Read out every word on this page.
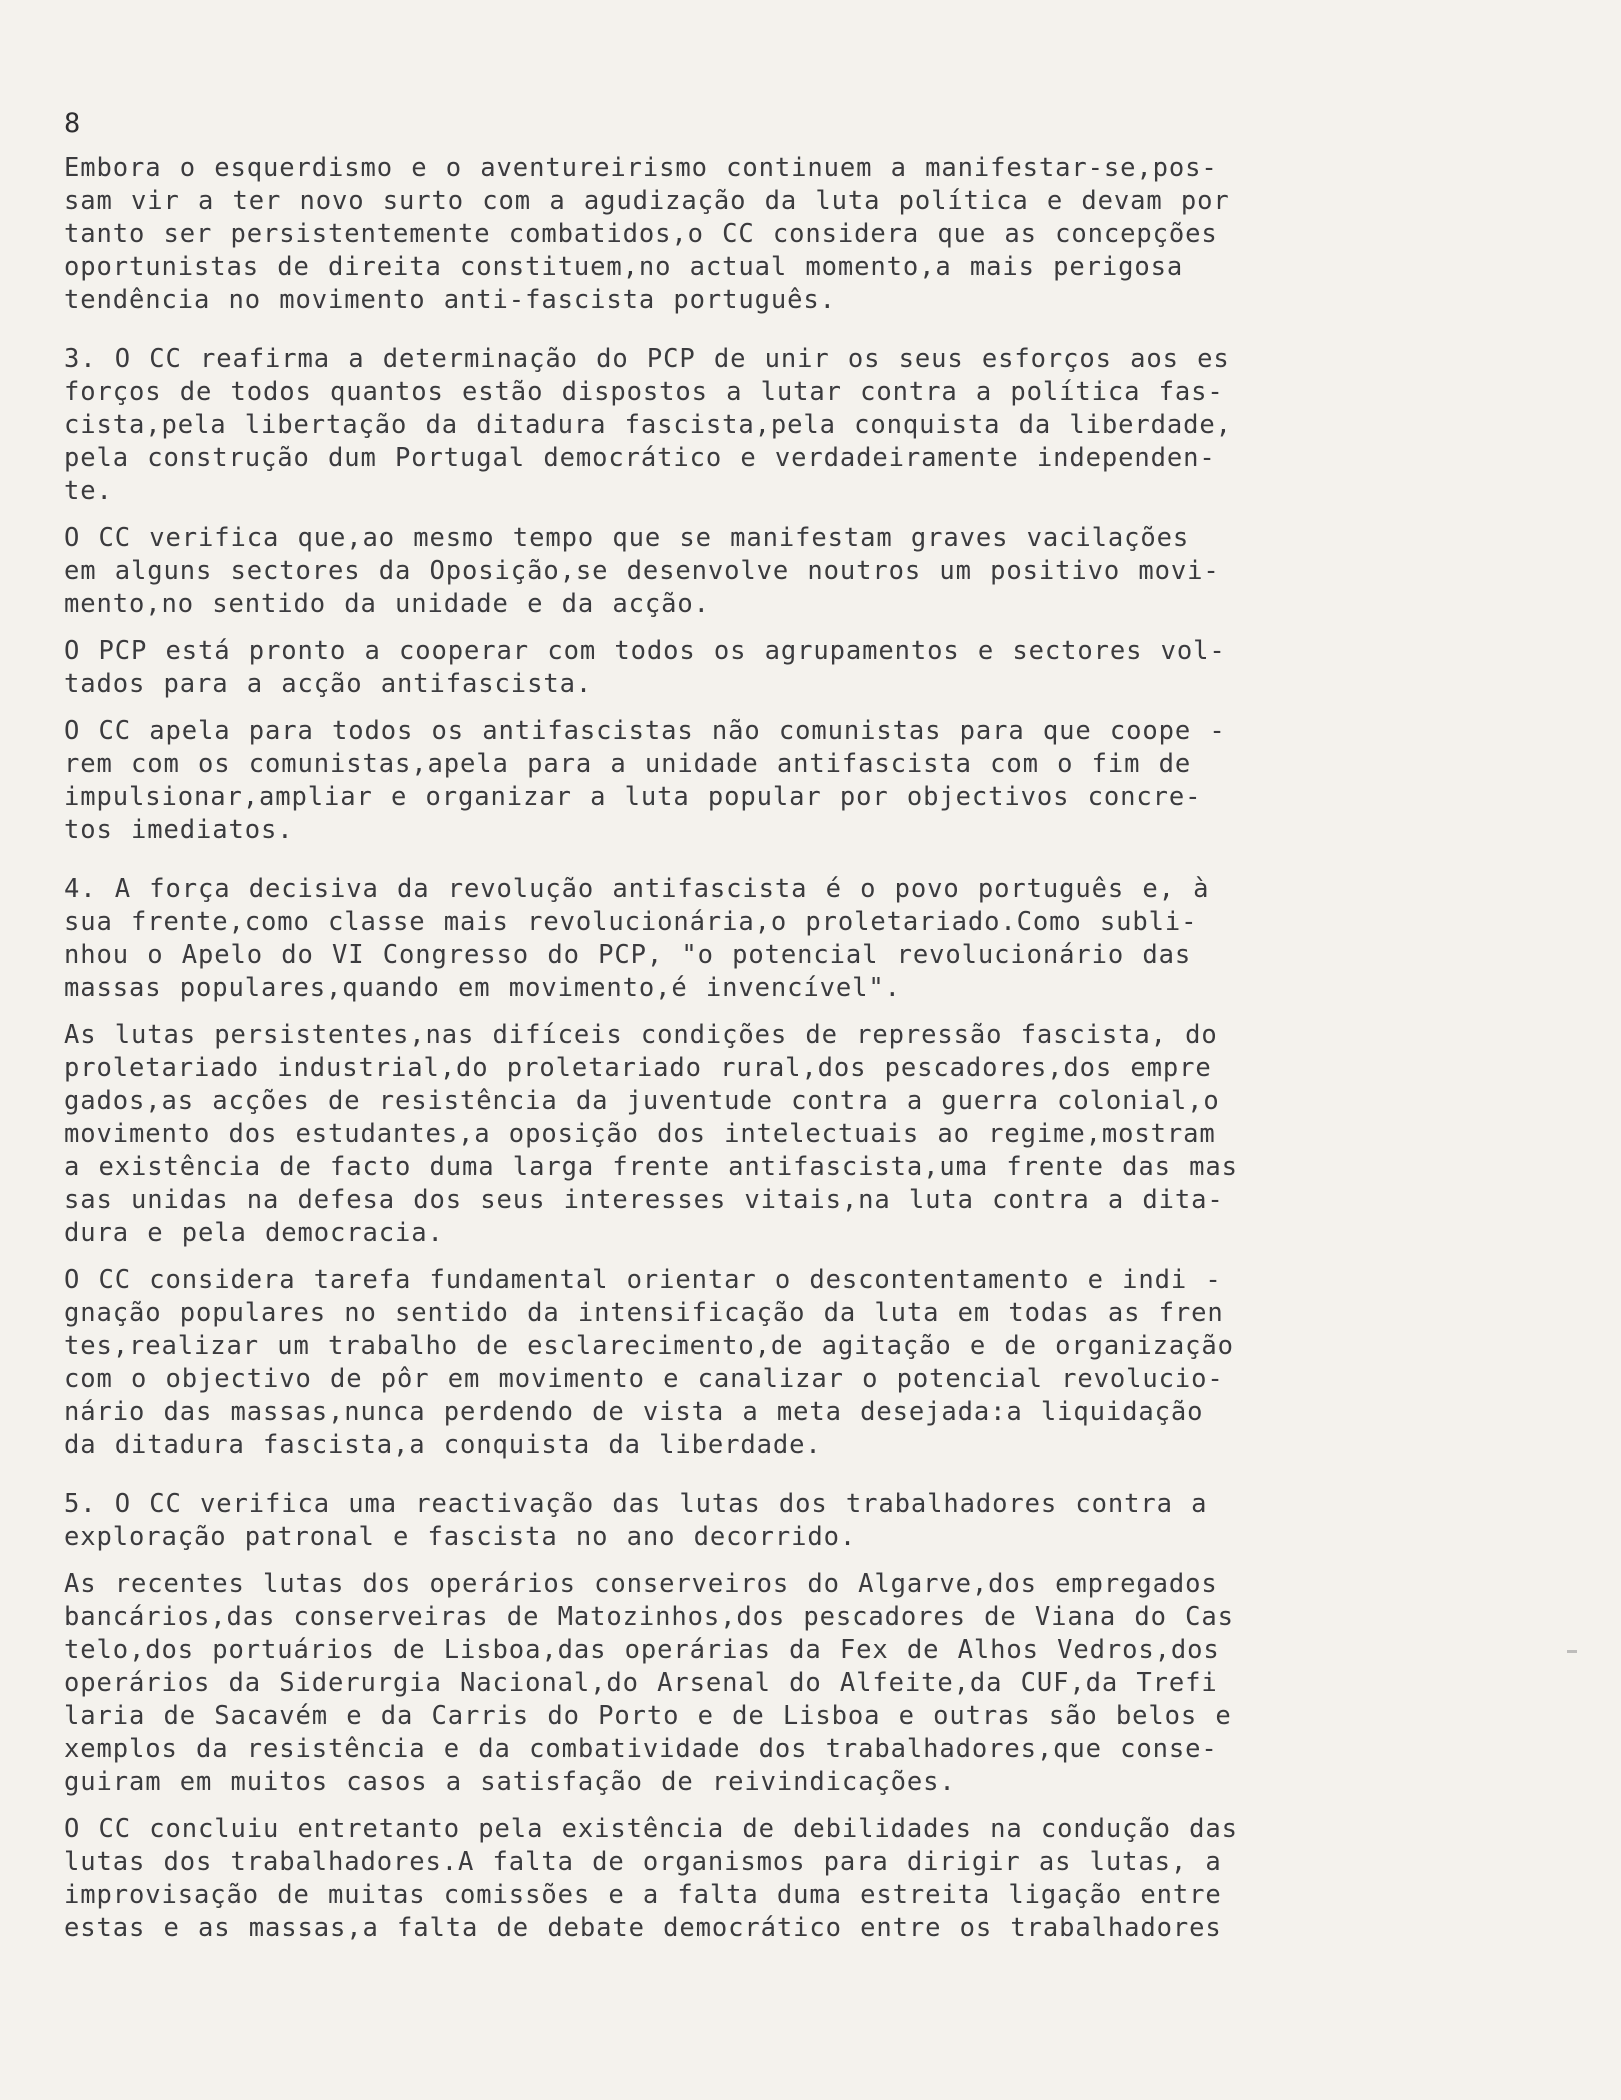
8
Embora o esquerdismo e o aventureirismo continuem a manifestar-se,pos-
sam vir a ter novo surto com a agudização da luta política e devam por
tanto ser persistentemente combatidos,o CC considera que as concepções
oportunistas de direita constituem,no actual momento,a mais perigosa
tendência no movimento anti-fascista português.
3. O CC reafirma a determinação do PCP de unir os seus esforços aos es
forços de todos quantos estão dispostos a lutar contra a política fas-
cista,pela libertação da ditadura fascista,pela conquista da liberdade,
pela construção dum Portugal democrático e verdadeiramente independen-
te.
O CC verifica que,ao mesmo tempo que se manifestam graves vacilações
em alguns sectores da Oposição,se desenvolve noutros um positivo movi-
mento,no sentido da unidade e da acção.
O PCP está pronto a cooperar com todos os agrupamentos e sectores vol-
tados para a acção antifascista.
O CC apela para todos os antifascistas não comunistas para que coope -
rem com os comunistas,apela para a unidade antifascista com o fim de
impulsionar,ampliar e organizar a luta popular por objectivos concre-
tos imediatos.
4. A força decisiva da revolução antifascista é o povo português e, à
sua frente,como classe mais revolucionária,o proletariado.Como subli-
nhou o Apelo do VI Congresso do PCP, "o potencial revolucionário das
massas populares,quando em movimento,é invencível".
As lutas persistentes,nas difíceis condições de repressão fascista, do
proletariado industrial,do proletariado rural,dos pescadores,dos empre
gados,as acções de resistência da juventude contra a guerra colonial,o
movimento dos estudantes,a oposição dos intelectuais ao regime,mostram
a existência de facto duma larga frente antifascista,uma frente das mas
sas unidas na defesa dos seus interesses vitais,na luta contra a dita-
dura e pela democracia.
O CC considera tarefa fundamental orientar o descontentamento e indi -
gnação populares no sentido da intensificação da luta em todas as fren
tes,realizar um trabalho de esclarecimento,de agitação e de organização
com o objectivo de pôr em movimento e canalizar o potencial revolucio-
nário das massas,nunca perdendo de vista a meta desejada:a liquidação
da ditadura fascista,a conquista da liberdade.
5. O CC verifica uma reactivação das lutas dos trabalhadores contra a
exploração patronal e fascista no ano decorrido.
As recentes lutas dos operários conserveiros do Algarve,dos empregados
bancários,das conserveiras de Matozinhos,dos pescadores de Viana do Cas
telo,dos portuários de Lisboa,das operárias da Fex de Alhos Vedros,dos
operários da Siderurgia Nacional,do Arsenal do Alfeite,da CUF,da Trefi
laria de Sacavém e da Carris do Porto e de Lisboa e outras são belos e
xemplos da resistência e da combatividade dos trabalhadores,que conse-
guiram em muitos casos a satisfação de reivindicações.
O CC concluiu entretanto pela existência de debilidades na condução das
lutas dos trabalhadores.A falta de organismos para dirigir as lutas, a
improvisação de muitas comissões e a falta duma estreita ligação entre
estas e as massas,a falta de debate democrático entre os trabalhadores
